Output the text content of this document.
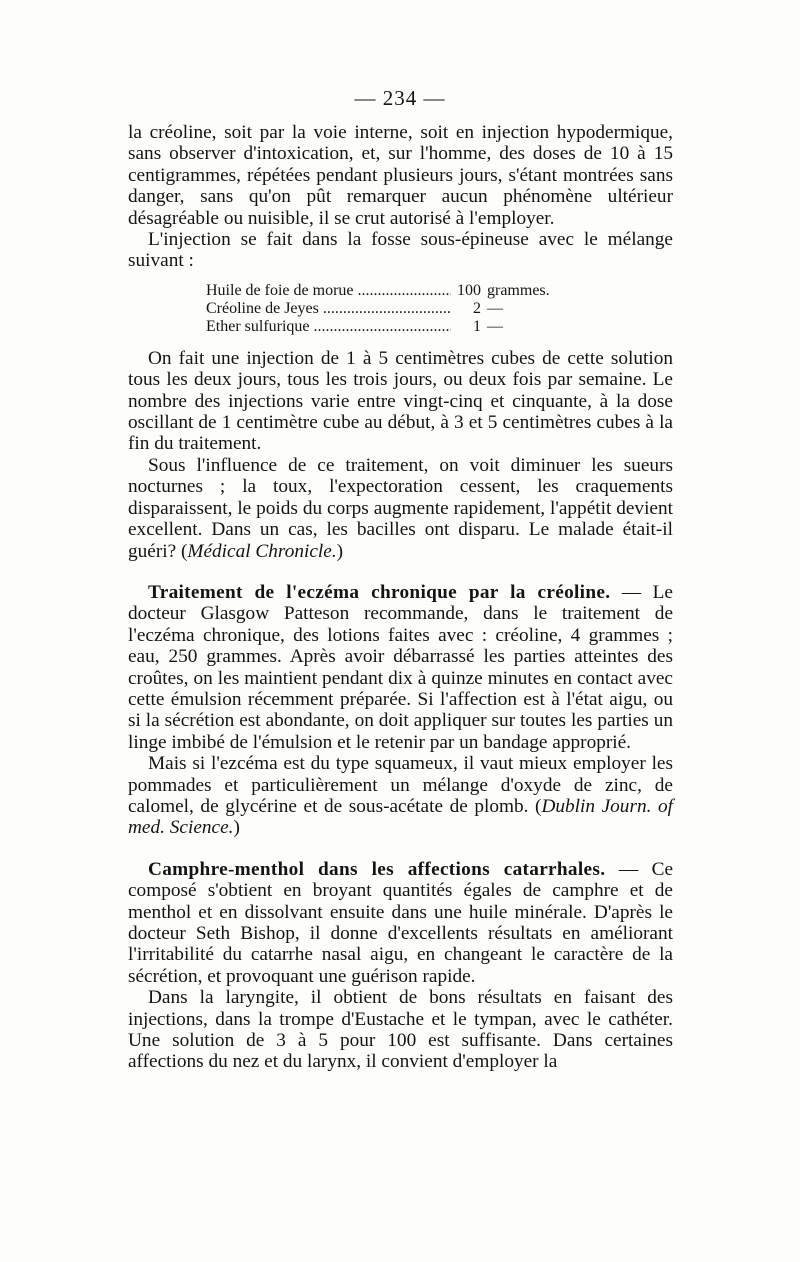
— 234 —

la créoline, soit par la voie interne, soit en injection hypodermique, sans observer d'intoxication, et, sur l'homme, des doses de 10 à 15 centigrammes, répétées pendant plusieurs jours, s'étant montrées sans danger, sans qu'on pût remarquer aucun phénomène ultérieur désagréable ou nuisible, il se crut autorisé à l'employer.

L'injection se fait dans la fosse sous-épineuse avec le mélange suivant :

Huile de foie de morue .....	100 grammes.
Créoline de Jeyes .....	2 —
Ether sulfurique .....	1 —

On fait une injection de 1 à 5 centimètres cubes de cette solution tous les deux jours, tous les trois jours, ou deux fois par semaine. Le nombre des injections varie entre vingt-cinq et cinquante, à la dose oscillant de 1 centimètre cube au début, à 3 et 5 centimètres cubes à la fin du traitement.

Sous l'influence de ce traitement, on voit diminuer les sueurs nocturnes ; la toux, l'expectoration cessent, les craquements disparaissent, le poids du corps augmente rapidement, l'appétit devient excellent. Dans un cas, les bacilles ont disparu. Le malade était-il guéri? (Médical Chronicle.)

Traitement de l'eczéma chronique par la créoline. — Le docteur Glasgow Patteson recommande, dans le traitement de l'eczéma chronique, des lotions faites avec : créoline, 4 grammes ; eau, 250 grammes. Après avoir débarrassé les parties atteintes des croûtes, on les maintient pendant dix à quinze minutes en contact avec cette émulsion récemment préparée. Si l'affection est à l'état aigu, ou si la sécrétion est abondante, on doit appliquer sur toutes les parties un linge imbibé de l'émulsion et le retenir par un bandage approprié.

Mais si l'ezcéma est du type squameux, il vaut mieux employer les pommades et particulièrement un mélange d'oxyde de zinc, de calomel, de glycérine et de sous-acétate de plomb. (Dublin Journ. of med. Science.)

Camphre-menthol dans les affections catarrhales. — Ce composé s'obtient en broyant quantités égales de camphre et de menthol et en dissolvant ensuite dans une huile minérale. D'après le docteur Seth Bishop, il donne d'excellents résultats en améliorant l'irritabilité du catarrhe nasal aigu, en changeant le caractère de la sécrétion, et provoquant une guérison rapide.

Dans la laryngite, il obtient de bons résultats en faisant des injections, dans la trompe d'Eustache et le tympan, avec le cathéter. Une solution de 3 à 5 pour 100 est suffisante. Dans certaines affections du nez et du larynx, il convient d'employer la
